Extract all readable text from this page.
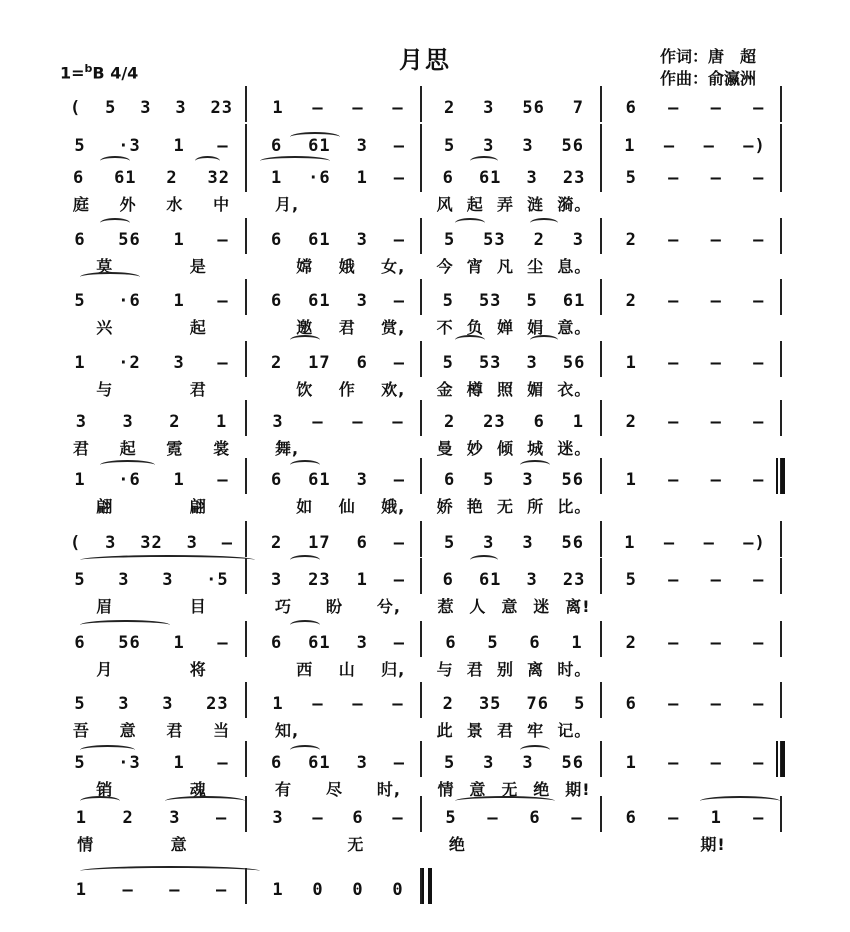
月思
1=$^b$B 4/4
作词：唐　超
作曲：俞瀛洲
( 5 3 3 23 1 — — — 2 3 56 7 6 — — —
5 ·3 1 — 6 61 3 — 5 3 3 56 1 — — —)
6 61 2 32 1 ·6 1 — 6 61 3 23 5 — — —
庭 外 水 中	月,	风 起 弄 涟 漪。
6 56 1 — 6 61 3 — 5 53 2 3 2 — — —
莫	是	嫦 娥 女, 今 宵 凡 尘 息。
5 ·6 1 — 6 61 3 — 5 53 5 61 2 — — —
兴	起	邀 君 赏, 不 负 婵 娟 意。
1 ·2 3 — 2 17 6 — 5 53 3 56 1 — — —
与	君	饮 作 欢, 金 樽 照 媚 衣。
3 3 2 1	3 — — — 2 23 6 1 2 — — —
君 起 霓 裳	舞,	曼 妙 倾 城 迷。
1 ·6 1 — 6 61 3 — 6 5 3 56 1 — — —
翩	翩	如 仙 娥, 娇 艳 无 所 比。
( 3 32 3 — 2 17 6 — 5 3 3 56 1 — — —)
5 3 3 ·5 3 23 1 — 6 61 3 23 5 — — —
眉	目	巧 盼 兮, 惹 人 意 迷 离!
6 56 1 — 6 61 3 — 6 5 6 1	2 — — —
月	将	西 山 归, 与 君 别 离 时。
5 3 3 23	1 — — — 2 35 76 5 6 — — —
吾 意 君 当	知,	此 景 君 牢 记。
5 ·3 1 — 6 61 3 — 5 3 3 56 1 — — —
销	魂	有 尽 时, 情 意 无 绝 期!
1 2 3 —	3 — 6 — 5 — 6 —	6 — 1 —
情	意	无	绝	期!
1 — — —	1 0 0 0
